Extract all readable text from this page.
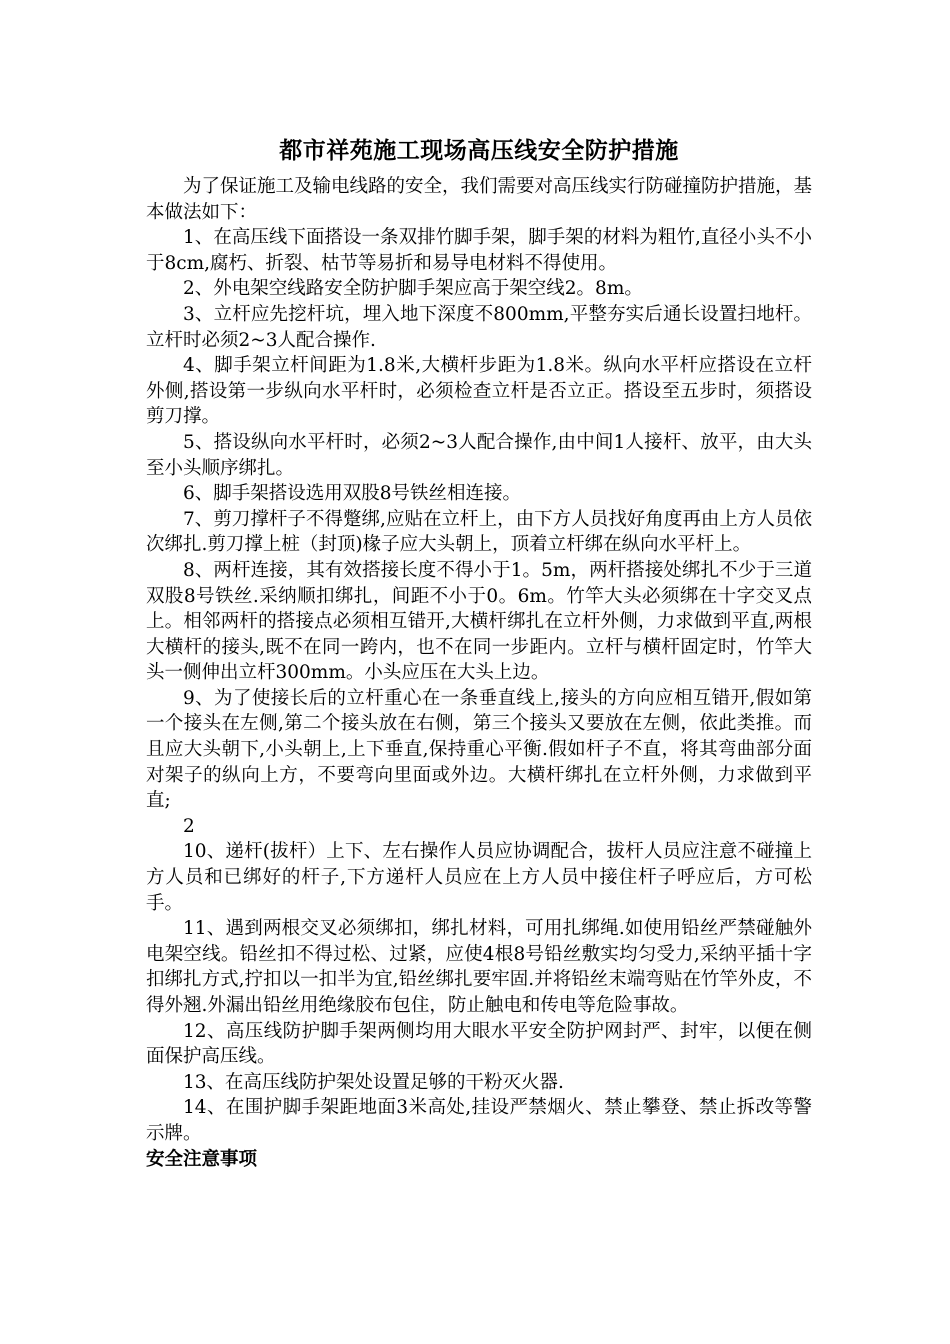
都市祥苑施工现场高压线安全防护措施

为了保证施工及输电线路的安全，我们需要对高压线实行防碰撞防护措施，基本做法如下：

1、在高压线下面搭设一条双排竹脚手架，脚手架的材料为粗竹,直径小头不小于8cm,腐朽、折裂、枯节等易折和易导电材料不得使用。

2、外电架空线路安全防护脚手架应高于架空线2。8m。

3、立杆应先挖杆坑，埋入地下深度不800mm,平整夯实后通长设置扫地杆。立杆时必须2~3人配合操作.

4、脚手架立杆间距为1.8米,大横杆步距为1.8米。纵向水平杆应搭设在立杆外侧,搭设第一步纵向水平杆时，必须检查立杆是否立正。搭设至五步时，须搭设剪刀撑。

5、搭设纵向水平杆时，必须2~3人配合操作,由中间1人接杆、放平，由大头至小头顺序绑扎。

6、脚手架搭设选用双股8号铁丝相连接。

7、剪刀撑杆子不得蹩绑,应贴在立杆上，由下方人员找好角度再由上方人员依次绑扎.剪刀撑上桩（封顶)椽子应大头朝上，顶着立杆绑在纵向水平杆上。

8、两杆连接，其有效搭接长度不得小于1。5m，两杆搭接处绑扎不少于三道双股8号铁丝.采纳顺扣绑扎，间距不小于0。6m。竹竿大头必须绑在十字交叉点上。相邻两杆的搭接点必须相互错开,大横杆绑扎在立杆外侧，力求做到平直,两根大横杆的接头,既不在同一跨内，也不在同一步距内。立杆与横杆固定时，竹竿大头一侧伸出立杆300mm。小头应压在大头上边。

9、为了使接长后的立杆重心在一条垂直线上,接头的方向应相互错开,假如第一个接头在左侧,第二个接头放在右侧，第三个接头又要放在左侧，依此类推。而且应大头朝下,小头朝上,上下垂直,保持重心平衡.假如杆子不直，将其弯曲部分面对架子的纵向上方，不要弯向里面或外边。大横杆绑扎在立杆外侧，力求做到平直;

2

10、递杆(拔杆）上下、左右操作人员应协调配合，拔杆人员应注意不碰撞上方人员和已绑好的杆子,下方递杆人员应在上方人员中接住杆子呼应后，方可松手。

11、遇到两根交叉必须绑扣，绑扎材料，可用扎绑绳.如使用铅丝严禁碰触外电架空线。铅丝扣不得过松、过紧，应使4根8号铅丝敷实均匀受力,采纳平插十字扣绑扎方式,拧扣以一扣半为宜,铅丝绑扎要牢固.并将铅丝末端弯贴在竹竿外皮，不得外翘.外漏出铅丝用绝缘胶布包住，防止触电和传电等危险事故。

12、高压线防护脚手架两侧均用大眼水平安全防护网封严、封牢，以便在侧面保护高压线。

13、在高压线防护架处设置足够的干粉灭火器.

14、在围护脚手架距地面3米高处,挂设严禁烟火、禁止攀登、禁止拆改等警示牌。

安全注意事项
